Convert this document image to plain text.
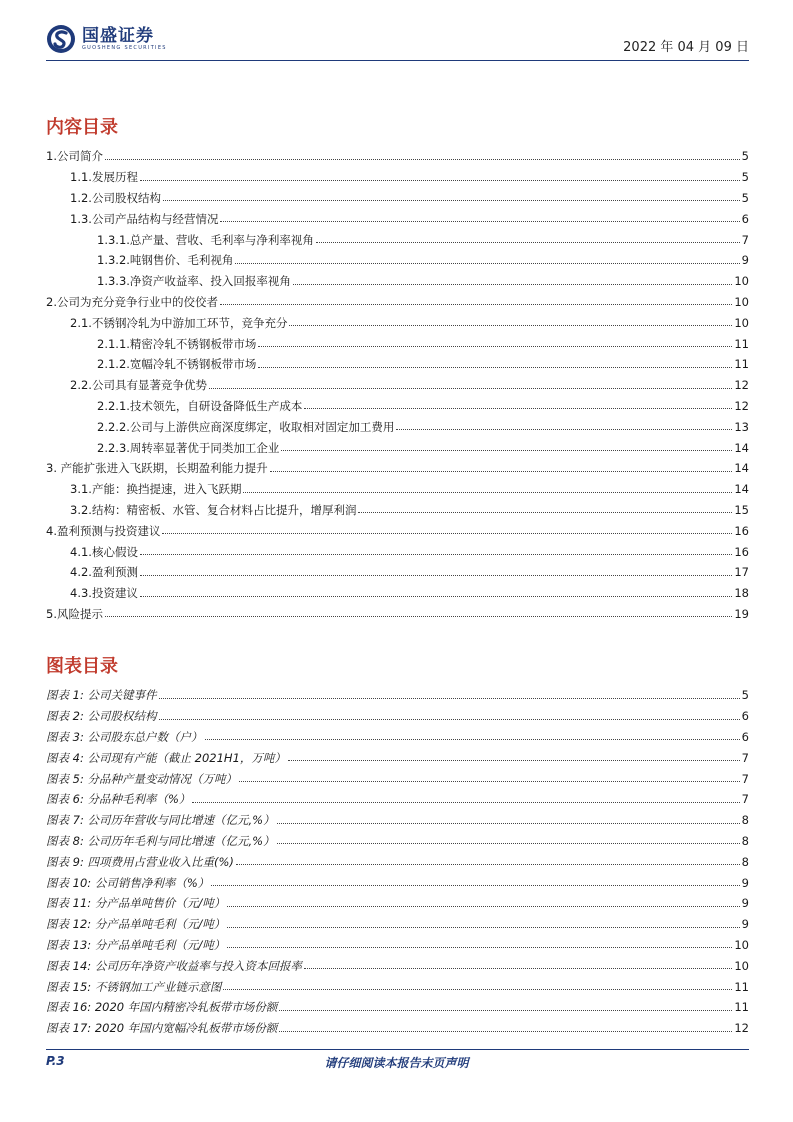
国盛证券
GUOSHENG SECURITIES	2022 年 04 月 09 日
内容目录
1.公司简介	5
1.1.发展历程	5
1.2.公司股权结构	5
1.3.公司产品结构与经营情况	6
1.3.1.总产量、营收、毛利率与净利率视角	7
1.3.2.吨钢售价、毛利视角	9
1.3.3.净资产收益率、投入回报率视角	10
2.公司为充分竞争行业中的佼佼者	10
2.1.不锈钢冷轧为中游加工环节，竞争充分	10
2.1.1.精密冷轧不锈钢板带市场	11
2.1.2.宽幅冷轧不锈钢板带市场	11
2.2.公司具有显著竞争优势	12
2.2.1.技术领先，自研设备降低生产成本	12
2.2.2.公司与上游供应商深度绑定，收取相对固定加工费用	13
2.2.3.周转率显著优于同类加工企业	14
3. 产能扩张进入飞跃期，长期盈利能力提升	14
3.1.产能：换挡提速，进入飞跃期	14
3.2.结构：精密板、水管、复合材料占比提升，增厚利润	15
4.盈利预测与投资建议	16
4.1.核心假设	16
4.2.盈利预测	17
4.3.投资建议	18
5.风险提示	19
图表目录
图表 1: 公司关键事件	5
图表 2: 公司股权结构	6
图表 3: 公司股东总户数（户）	6
图表 4: 公司现有产能（截止 2021H1，万吨）	7
图表 5: 分品种产量变动情况（万吨）	7
图表 6: 分品种毛利率（%）	7
图表 7: 公司历年营收与同比增速（亿元,%）	8
图表 8: 公司历年毛利与同比增速（亿元,%）	8
图表 9: 四项费用占营业收入比重(%)	8
图表 10: 公司销售净利率（%）	9
图表 11: 分产品单吨售价（元/吨）	9
图表 12: 分产品单吨毛利（元/吨）	9
图表 13: 分产品单吨毛利（元/吨）	10
图表 14: 公司历年净资产收益率与投入资本回报率	10
图表 15: 不锈钢加工产业链示意图	11
图表 16: 2020 年国内精密冷轧板带市场份额	11
图表 17: 2020 年国内宽幅冷轧板带市场份额	12
P.3	请仔细阅读本报告末页声明
